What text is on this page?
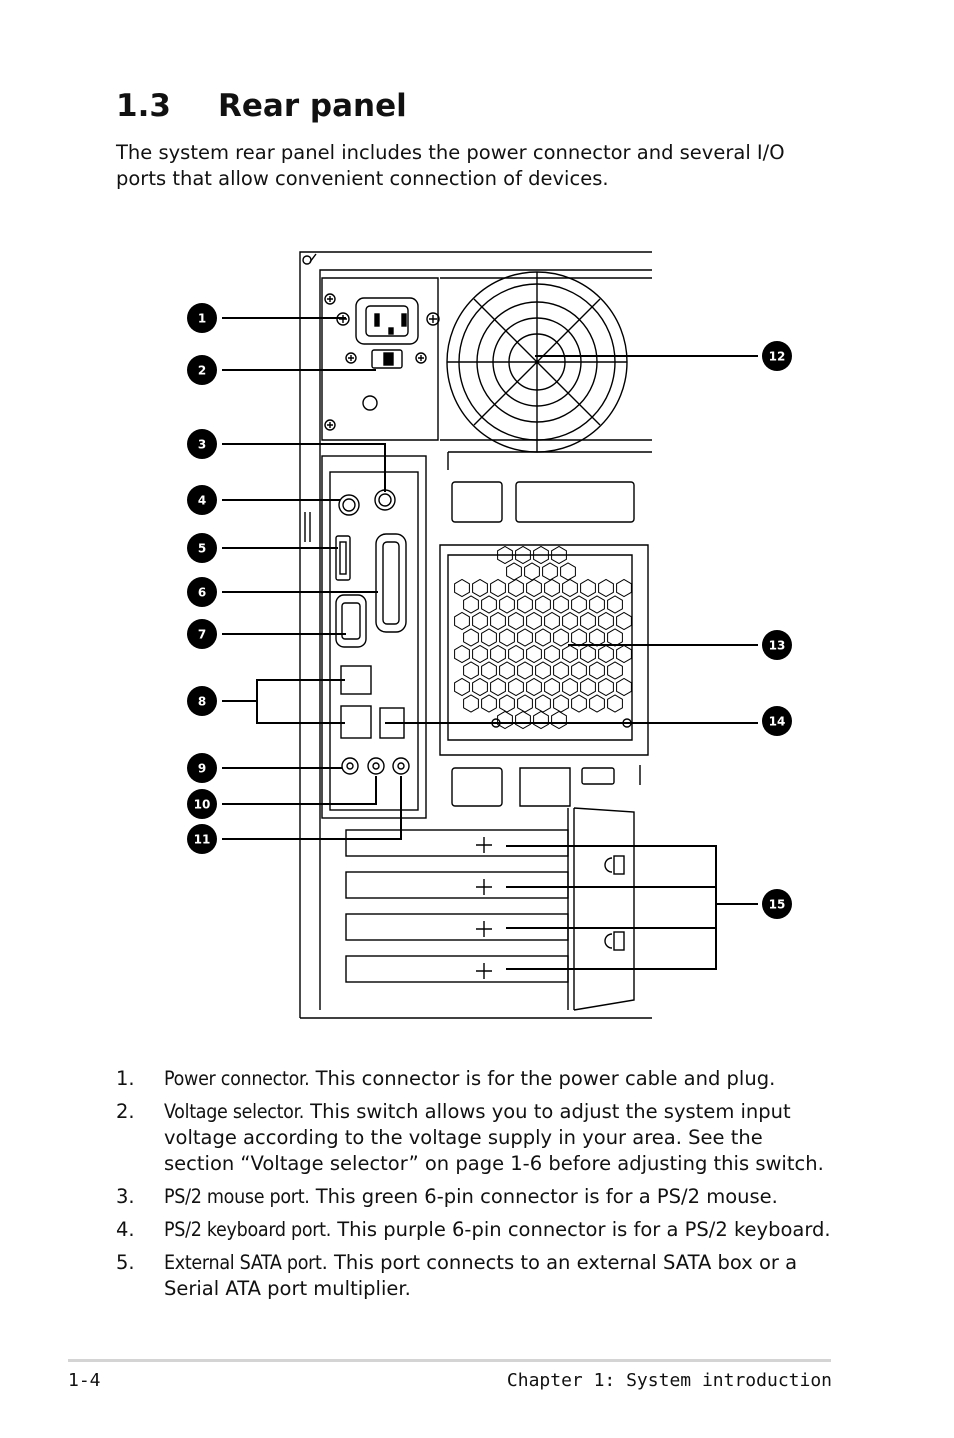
1.3 Rear panel

The system rear panel includes the power connector and several I/O ports that allow convenient connection of devices.

1
2
3
4
5
6
7
8
9
10
11
12
13
14
15
1. Power connector. This connector is for the power cable and plug.
2. Voltage selector. This switch allows you to adjust the system input voltage according to the voltage supply in your area. See the section “Voltage selector” on page 1-6 before adjusting this switch.
3. PS/2 mouse port. This green 6-pin connector is for a PS/2 mouse.
4. PS/2 keyboard port. This purple 6-pin connector is for a PS/2 keyboard.
5. External SATA port. This port connects to an external SATA box or a Serial ATA port multiplier.
1-4	Chapter 1: System introduction
